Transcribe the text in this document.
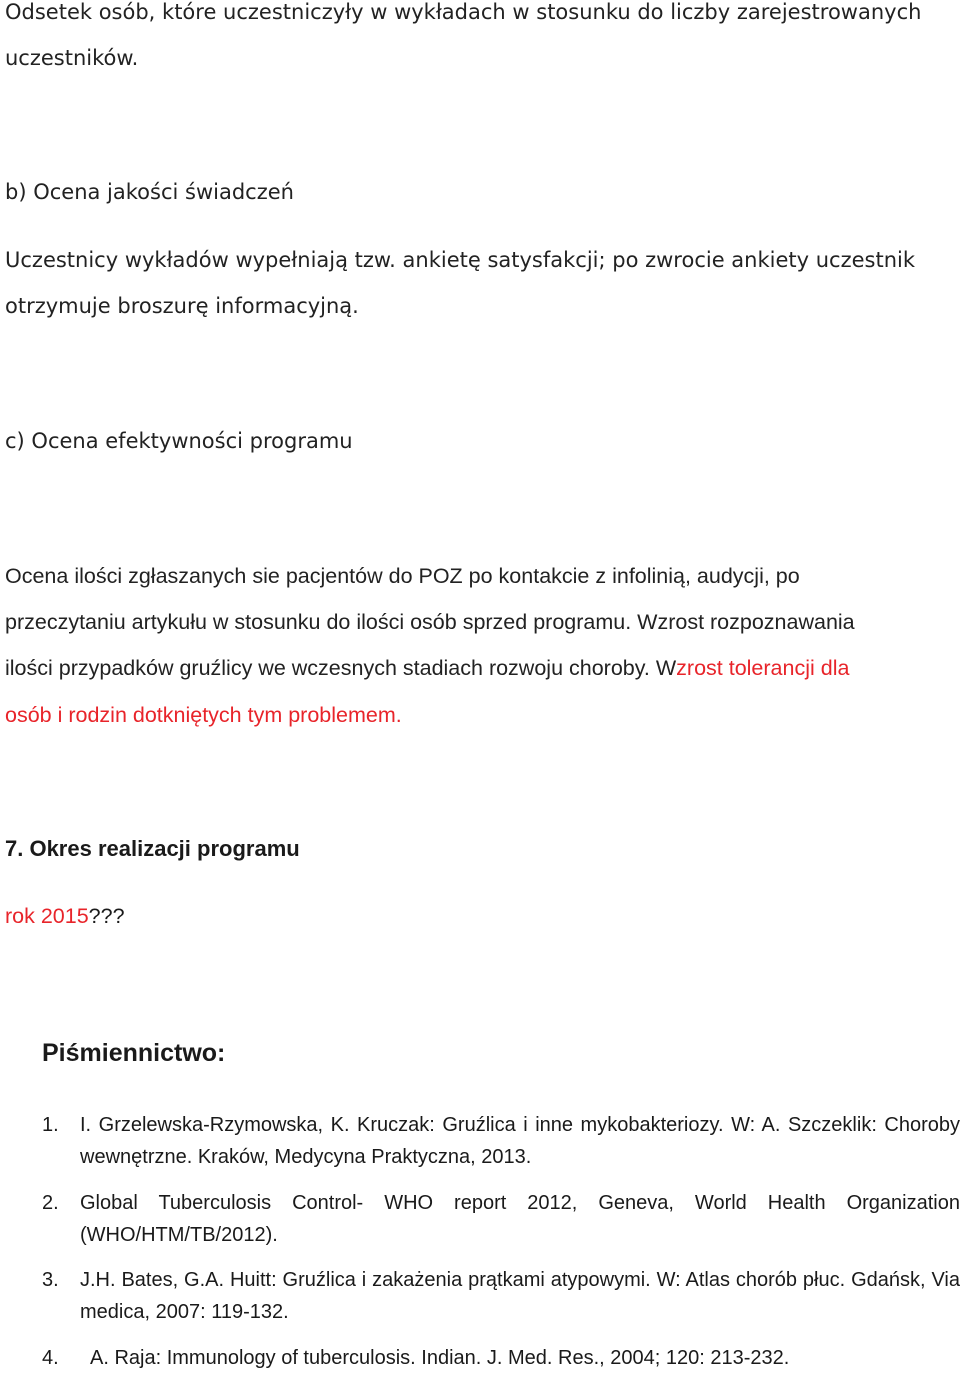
Odsetek osób, które uczestniczyły w wykładach w stosunku do liczby zarejestrowanych
uczestników.
b) Ocena jakości świadczeń
Uczestnicy wykładów wypełniają tzw. ankietę satysfakcji; po zwrocie ankiety uczestnik
otrzymuje broszurę informacyjną.
c) Ocena efektywności programu
Ocena ilości zgłaszanych sie pacjentów do POZ po kontakcie z infolinią, audycji, po
przeczytaniu artykułu w stosunku do ilości osób sprzed programu. Wzrost rozpoznawania
ilości przypadków gruźlicy we wczesnych stadiach rozwoju choroby. Wzrost tolerancji dla
osób i rodzin dotkniętych tym problemem.
7. Okres realizacji programu
rok 2015???
Piśmiennictwo:
1. I. Grzelewska-Rzymowska, K. Kruczak: Gruźlica i inne mykobakteriozy. W: A. Szczeklik: Choroby wewnętrzne. Kraków, Medycyna Praktyczna, 2013.
2. Global Tuberculosis Control- WHO report 2012, Geneva, World Health Organization (WHO/HTM/TB/2012).
3. J.H. Bates, G.A. Huitt: Gruźlica i zakażenia prątkami atypowymi. W: Atlas chorób płuc. Gdańsk, Via medica, 2007: 119-132.
4. A. Raja: Immunology of tuberculosis. Indian. J. Med. Res., 2004; 120: 213-232.
